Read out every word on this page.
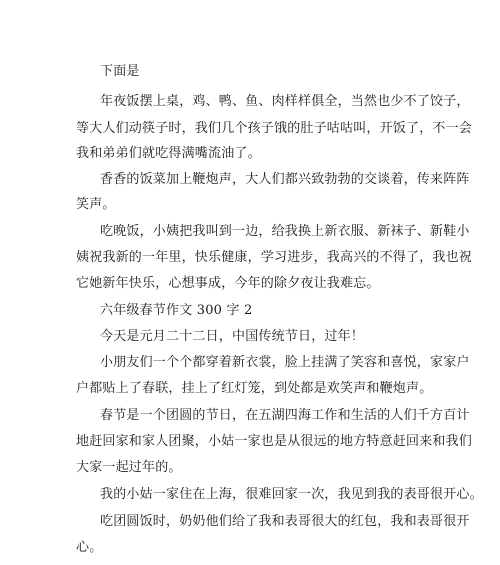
下面是
年夜饭摆上桌，鸡、鸭、鱼、肉样样俱全，当然也少不了饺子，
等大人们动筷子时，我们几个孩子饿的肚子咕咕叫，开饭了，不一会
我和弟弟们就吃得满嘴流油了。
香香的饭菜加上鞭炮声，大人们都兴致勃勃的交谈着，传来阵阵
笑声。
吃晚饭，小姨把我叫到一边，给我换上新衣服、新袜子、新鞋小
姨祝我新的一年里，快乐健康，学习进步，我高兴的不得了，我也祝
它她新年快乐，心想事成，今年的除夕夜让我难忘。
六年级春节作文 300 字 2
今天是元月二十二日，中国传统节日，过年！
小朋友们一个个都穿着新衣裳，脸上挂满了笑容和喜悦，家家户
户都贴上了春联，挂上了红灯笼，到处都是欢笑声和鞭炮声。
春节是一个团圆的节日，在五湖四海工作和生活的人们千方百计
地赶回家和家人团聚，小姑一家也是从很远的地方特意赶回来和我们
大家一起过年的。
我的小姑一家住在上海，很难回家一次，我见到我的表哥很开心。
吃团圆饭时，奶奶他们给了我和表哥很大的红包，我和表哥很开
心。
